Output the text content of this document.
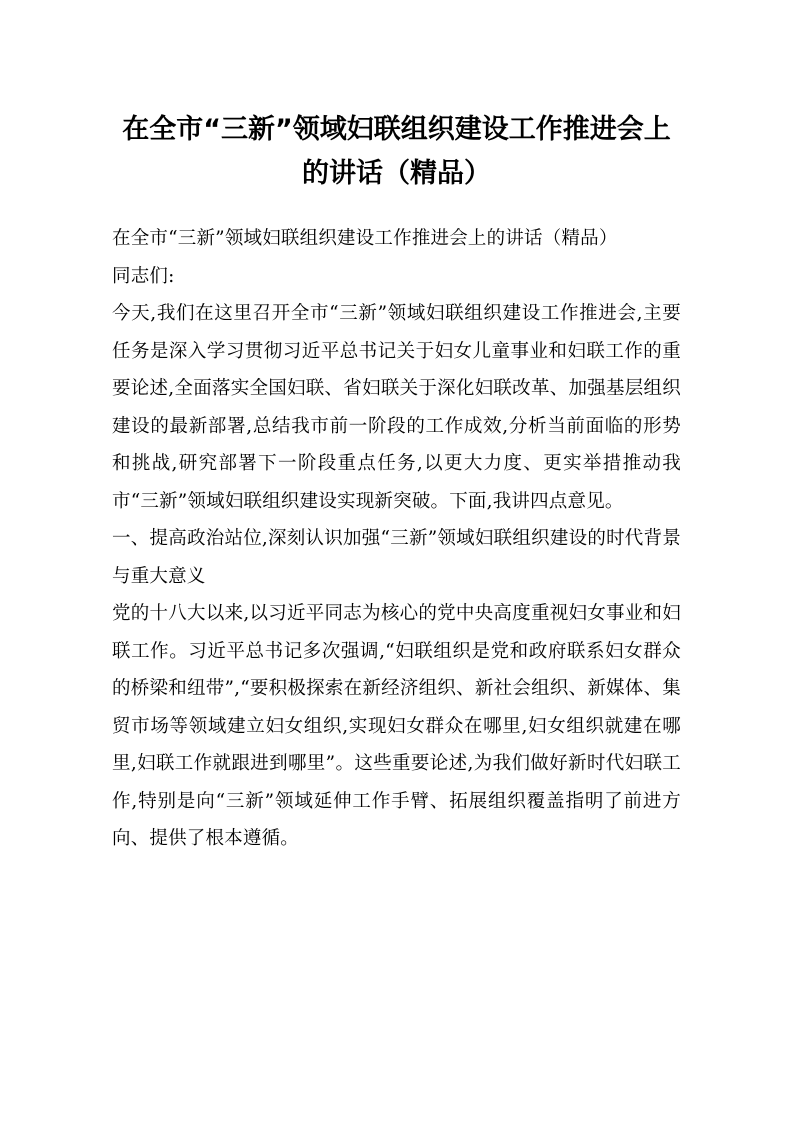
在全市“三新”领域妇联组织建设工作推进会上的讲话（精品）

在全市“三新”领域妇联组织建设工作推进会上的讲话（精品）

同志们:

今天,我们在这里召开全市“三新”领域妇联组织建设工作推进会,主要任务是深入学习贯彻习近平总书记关于妇女儿童事业和妇联工作的重要论述,全面落实全国妇联、省妇联关于深化妇联改革、加强基层组织建设的最新部署,总结我市前一阶段的工作成效,分析当前面临的形势和挑战,研究部署下一阶段重点任务,以更大力度、更实举措推动我市“三新”领域妇联组织建设实现新突破。下面,我讲四点意见。

一、提高政治站位,深刻认识加强“三新”领域妇联组织建设的时代背景与重大意义

党的十八大以来,以习近平同志为核心的党中央高度重视妇女事业和妇联工作。习近平总书记多次强调,“妇联组织是党和政府联系妇女群众的桥梁和纽带”,“要积极探索在新经济组织、新社会组织、新媒体、集贸市场等领域建立妇女组织,实现妇女群众在哪里,妇女组织就建在哪里,妇联工作就跟进到哪里”。这些重要论述,为我们做好新时代妇联工作,特别是向“三新”领域延伸工作手臂、拓展组织覆盖指明了前进方向、提供了根本遵循。
